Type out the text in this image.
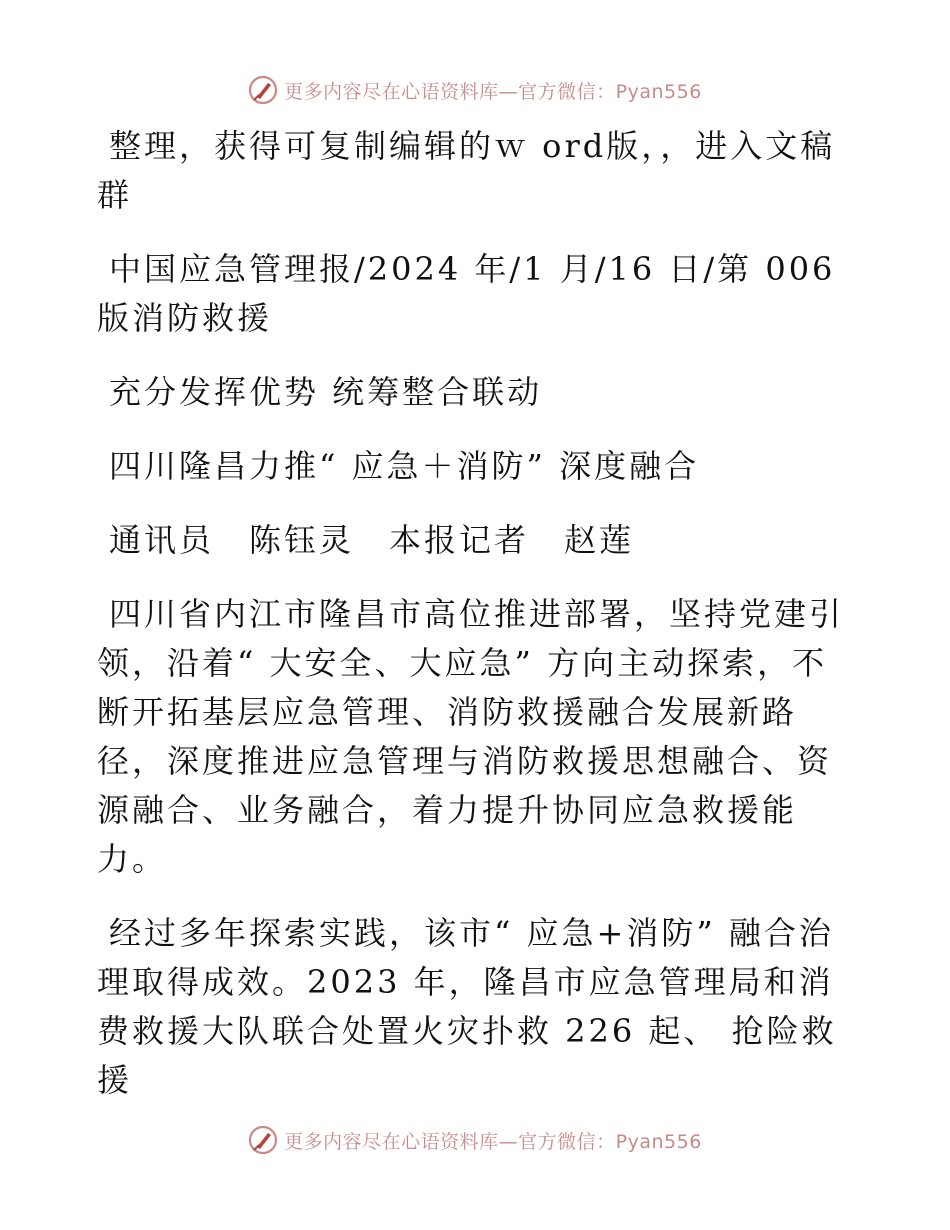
更多内容尽在心语资料库—官方微信：Pyan556

整理，获得可复制编辑的ｗ ord版，，进入文稿群

中国应急管理报/2024 年/1 月/16 日/第 006 版消防救援

充分发挥优势 统筹整合联动

四川隆昌力推“ 应急＋消防” 深度融合

通讯员　陈钰灵　本报记者　赵莲

四川省内江市隆昌市高位推进部署，坚持党建引领，沿着“ 大安全、大应急” 方向主动探索，不断开拓基层应急管理、消防救援融合发展新路径，深度推进应急管理与消防救援思想融合、资源融合、业务融合，着力提升协同应急救援能力。

经过多年探索实践，该市“ 应急+消防” 融合治理取得成效。2023 年，隆昌市应急管理局和消费救援大队联合处置火灾扑救 226 起、 抢险救援

更多内容尽在心语资料库—官方微信：Pyan556
